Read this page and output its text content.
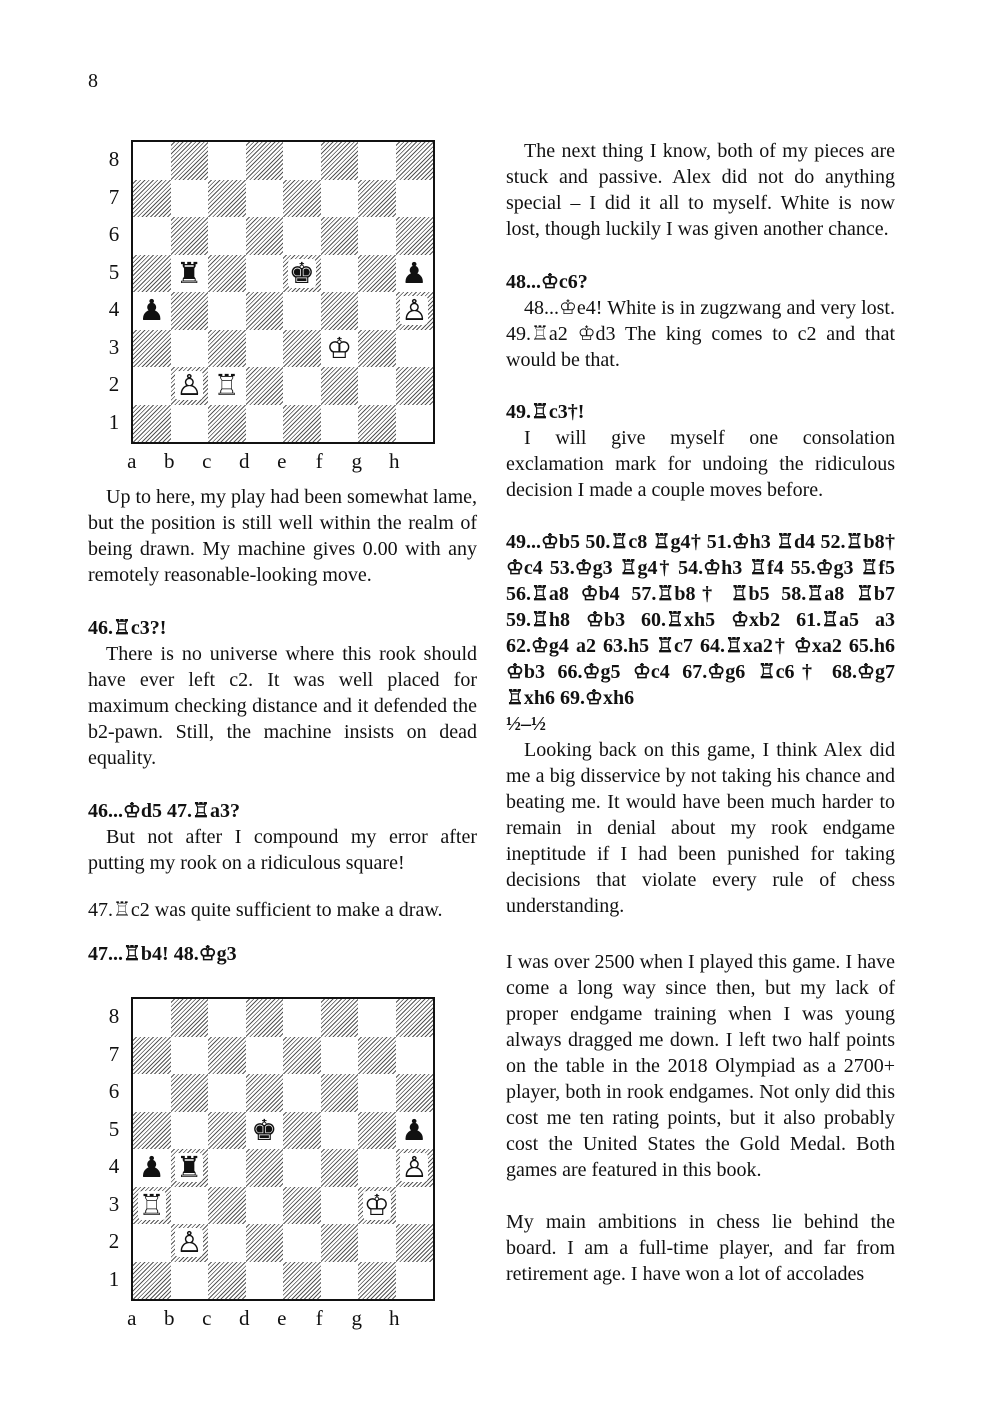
8
♜	♚	♟
♟	♙
♔
♙ ♖
8
7
6
5
4
3
2
1
a	b	c	d	e	f	g	h

Up to here, my play had been somewhat lame, but the position is still well within the realm of being drawn. My machine gives 0.00 with any remotely reasonable-looking move.

46.♖c3?!

There is no universe where this rook should have ever left c2. It was well placed for maximum checking distance and it defended the b2-pawn. Still, the machine insists on dead equality.

46...♔d5 47.♖a3?

But not after I compound my error after putting my rook on a ridiculous square!

47.♖c2 was quite sufficient to make a draw.

47...♖b4! 48.♔g3
♚	♟
♟ ♜	♙
♖	♔
♙
8
7
6
5
4
3
2
1
a	b	c	d	e	f	g	h

The next thing I know, both of my pieces are stuck and passive. Alex did not do anything special – I did it all to myself. White is now lost, though luckily I was given another chance.

48...♔c6?

48...♔e4! White is in zugzwang and very lost. 49.♖a2 ♔d3 The king comes to c2 and that would be that.

49.♖c3†!

I will give myself one consolation exclamation mark for undoing the ridiculous decision I made a couple moves before.

49...♔b5 50.♖c8 ♖g4† 51.♔h3 ♖d4 52.♖b8† ♔c4 53.♔g3 ♖g4† 54.♔h3 ♖f4 55.♔g3 ♖f5 56.♖a8 ♔b4 57.♖b8† ♖b5 58.♖a8 ♖b7 59.♖h8 ♔b3 60.♖xh5 ♔xb2 61.♖a5 a3 62.♔g4 a2 63.h5 ♖c7 64.♖xa2† ♔xa2 65.h6 ♔b3 66.♔g5 ♔c4 67.♔g6 ♖c6† 68.♔g7 ♖xh6 69.♔xh6

½–½

Looking back on this game, I think Alex did me a big disservice by not taking his chance and beating me. It would have been much harder to remain in denial about my rook endgame ineptitude if I had been punished for taking decisions that violate every rule of chess understanding.

I was over 2500 when I played this game. I have come a long way since then, but my lack of proper endgame training when I was young always dragged me down. I left two half points on the table in the 2018 Olympiad as a 2700+ player, both in rook endgames. Not only did this cost me ten rating points, but it also probably cost the United States the Gold Medal. Both games are featured in this book.

My main ambitions in chess lie behind the board. I am a full-time player, and far from retirement age. I have won a lot of accolades
